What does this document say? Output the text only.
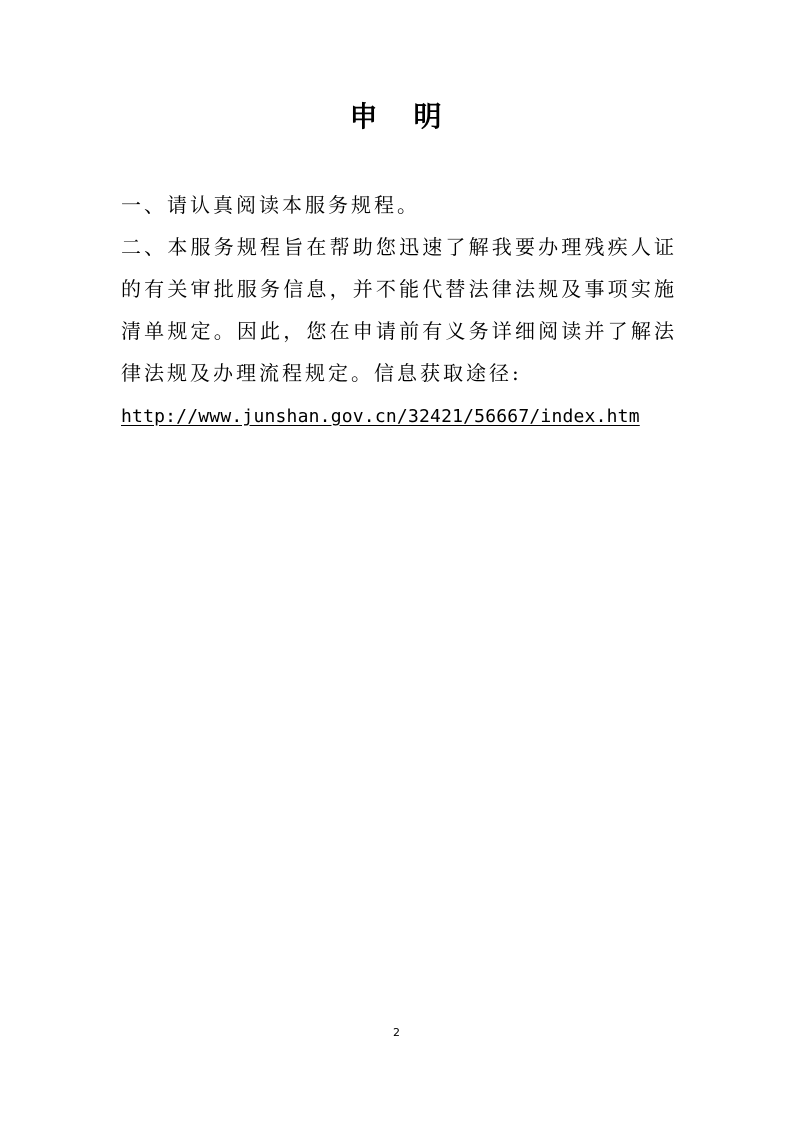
申 明

一、请认真阅读本服务规程。

二、本服务规程旨在帮助您迅速了解我要办理残疾人证的有关审批服务信息，并不能代替法律法规及事项实施清单规定。因此，您在申请前有义务详细阅读并了解法律法规及办理流程规定。信息获取途径:

http://www.junshan.gov.cn/32421/56667/index.htm
2
